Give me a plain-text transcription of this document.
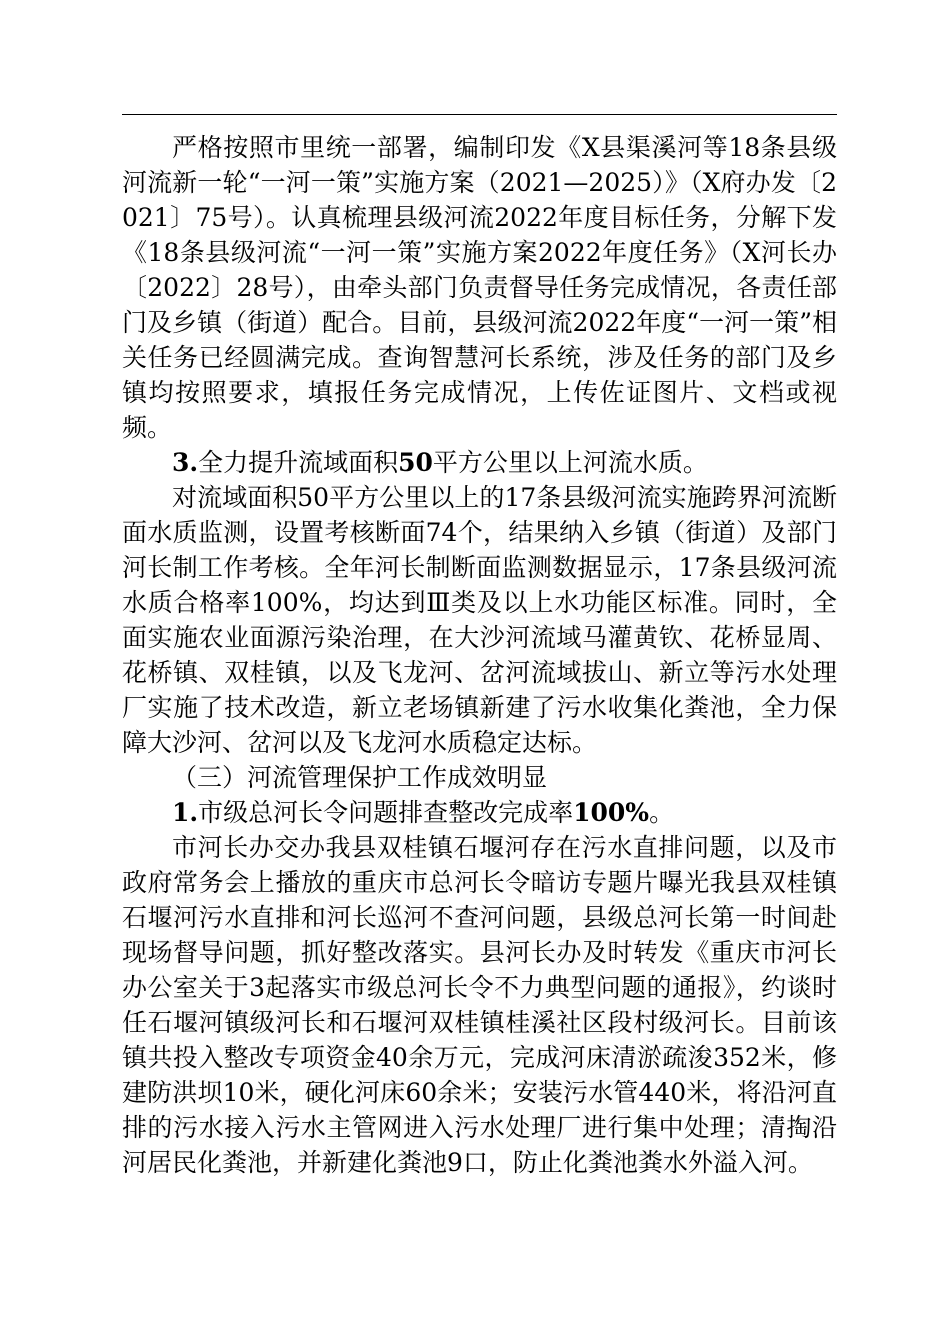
严格按照市里统一部署，编制印发《X县渠溪河等18条县级河流新一轮“一河一策”实施方案（2021—2025）》（X府办发〔2021〕75号）。认真梳理县级河流2022年度目标任务，分解下发《18条县级河流“一河一策”实施方案2022年度任务》（X河长办〔2022〕28号），由牵头部门负责督导任务完成情况，各责任部门及乡镇（街道）配合。目前，县级河流2022年度“一河一策”相关任务已经圆满完成。查询智慧河长系统，涉及任务的部门及乡镇均按照要求，填报任务完成情况，上传佐证图片、文档或视频。

3.全力提升流域面积50平方公里以上河流水质。

对流域面积50平方公里以上的17条县级河流实施跨界河流断面水质监测，设置考核断面74个，结果纳入乡镇（街道）及部门河长制工作考核。全年河长制断面监测数据显示，17条县级河流水质合格率100%，均达到Ⅲ类及以上水功能区标准。同时，全面实施农业面源污染治理，在大沙河流域马灌黄钦、花桥显周、花桥镇、双桂镇，以及飞龙河、岔河流域拔山、新立等污水处理厂实施了技术改造，新立老场镇新建了污水收集化粪池，全力保障大沙河、岔河以及飞龙河水质稳定达标。

（三）河流管理保护工作成效明显

1.市级总河长令问题排查整改完成率100%。

市河长办交办我县双桂镇石堰河存在污水直排问题，以及市政府常务会上播放的重庆市总河长令暗访专题片曝光我县双桂镇石堰河污水直排和河长巡河不查河问题，县级总河长第一时间赴现场督导问题，抓好整改落实。县河长办及时转发《重庆市河长办公室关于3起落实市级总河长令不力典型问题的通报》，约谈时任石堰河镇级河长和石堰河双桂镇桂溪社区段村级河长。目前该镇共投入整改专项资金40余万元，完成河床清淤疏浚352米，修建防洪坝10米，硬化河床60余米；安装污水管440米，将沿河直排的污水接入污水主管网进入污水处理厂进行集中处理；清掏沿河居民化粪池，并新建化粪池9口，防止化粪池粪水外溢入河。
